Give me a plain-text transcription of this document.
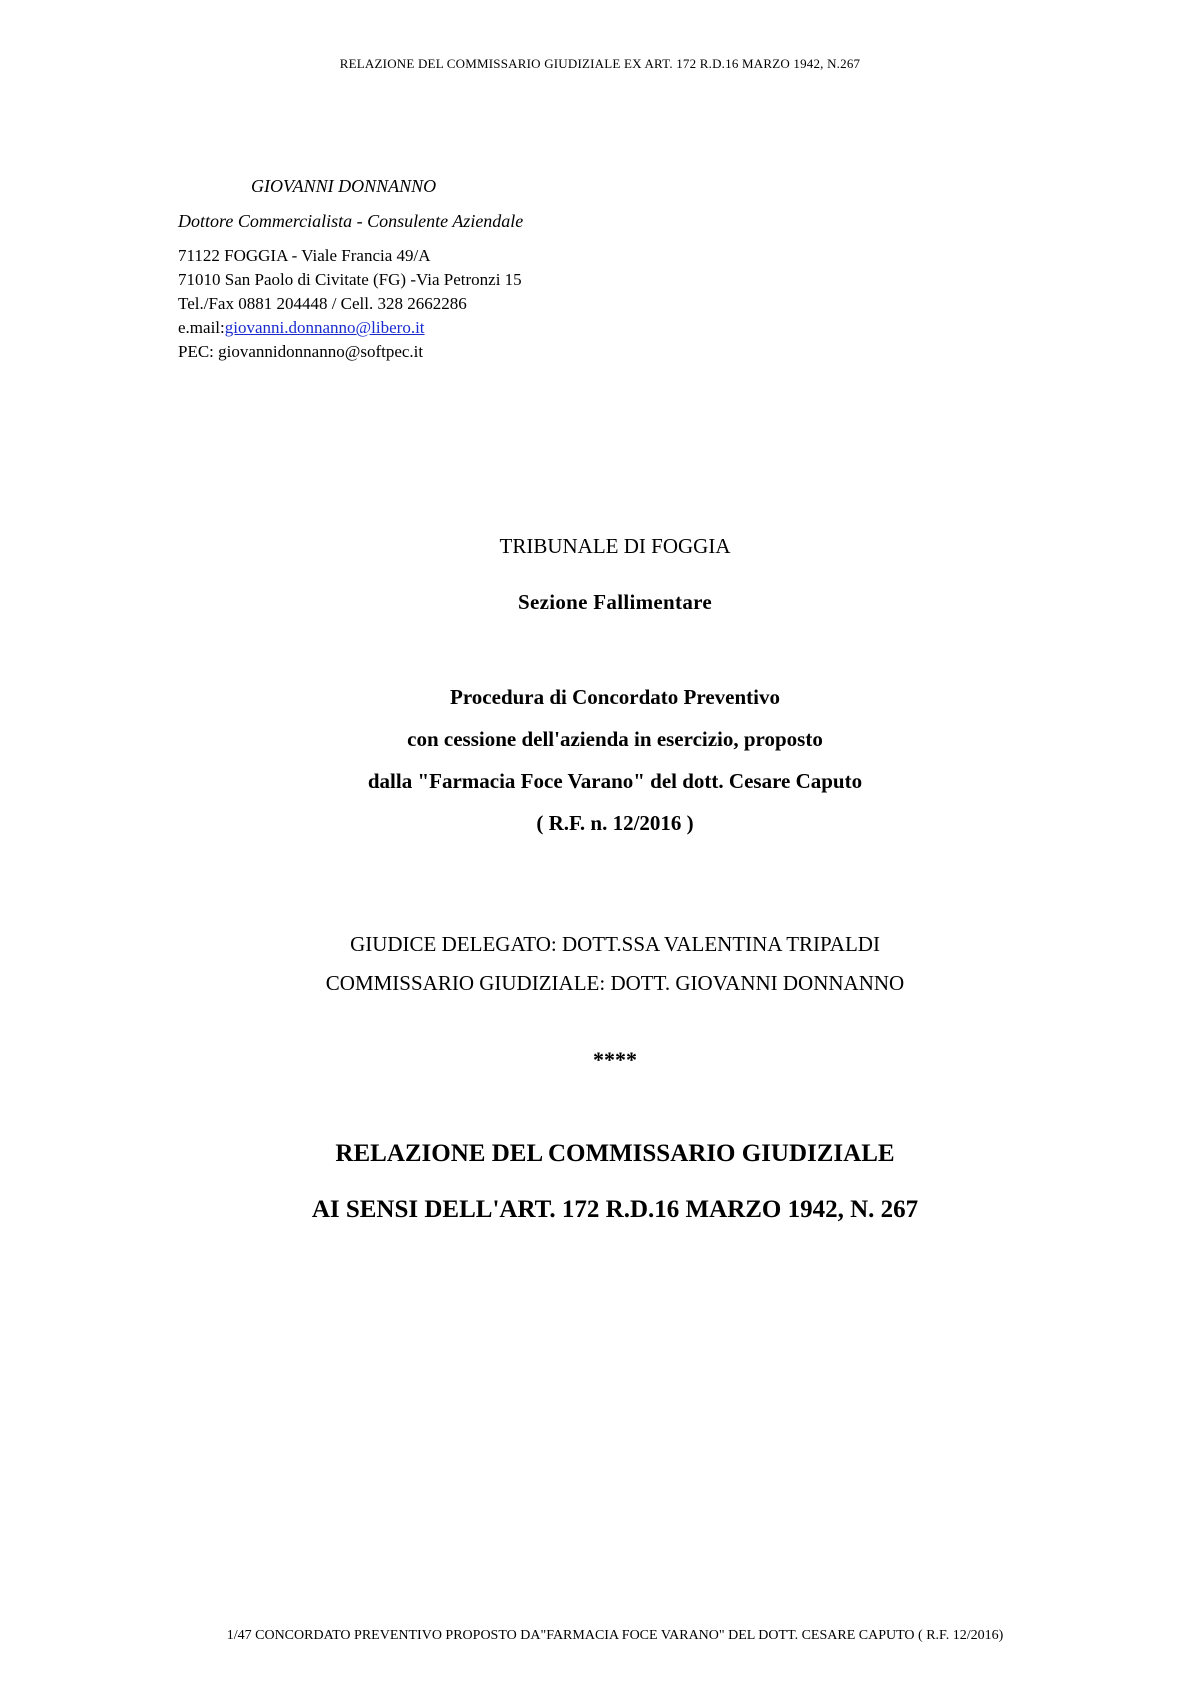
RELAZIONE DEL COMMISSARIO GIUDIZIALE EX ART. 172 R.D.16 MARZO 1942, N.267
GIOVANNI DONNANNO
Dottore Commercialista - Consulente Aziendale
71122 FOGGIA - Viale Francia 49/A
71010 San Paolo di Civitate (FG) -Via Petronzi 15
Tel./Fax 0881 204448 / Cell. 328 2662286
e.mail:giovanni.donnanno@libero.it
PEC: giovannidonnanno@softpec.it
TRIBUNALE DI FOGGIA
Sezione Fallimentare
Procedura di Concordato Preventivo
con cessione dell'azienda in esercizio, proposto
dalla "Farmacia Foce Varano" del dott. Cesare Caputo
( R.F. n. 12/2016 )
GIUDICE DELEGATO: DOTT.SSA VALENTINA TRIPALDI
COMMISSARIO GIUDIZIALE: DOTT. GIOVANNI DONNANNO
****
RELAZIONE DEL COMMISSARIO GIUDIZIALE
AI SENSI DELL'ART. 172 R.D.16 MARZO 1942, N. 267
1/47 CONCORDATO PREVENTIVO PROPOSTO DA"FARMACIA FOCE VARANO" DEL DOTT. CESARE CAPUTO ( R.F. 12/2016)
